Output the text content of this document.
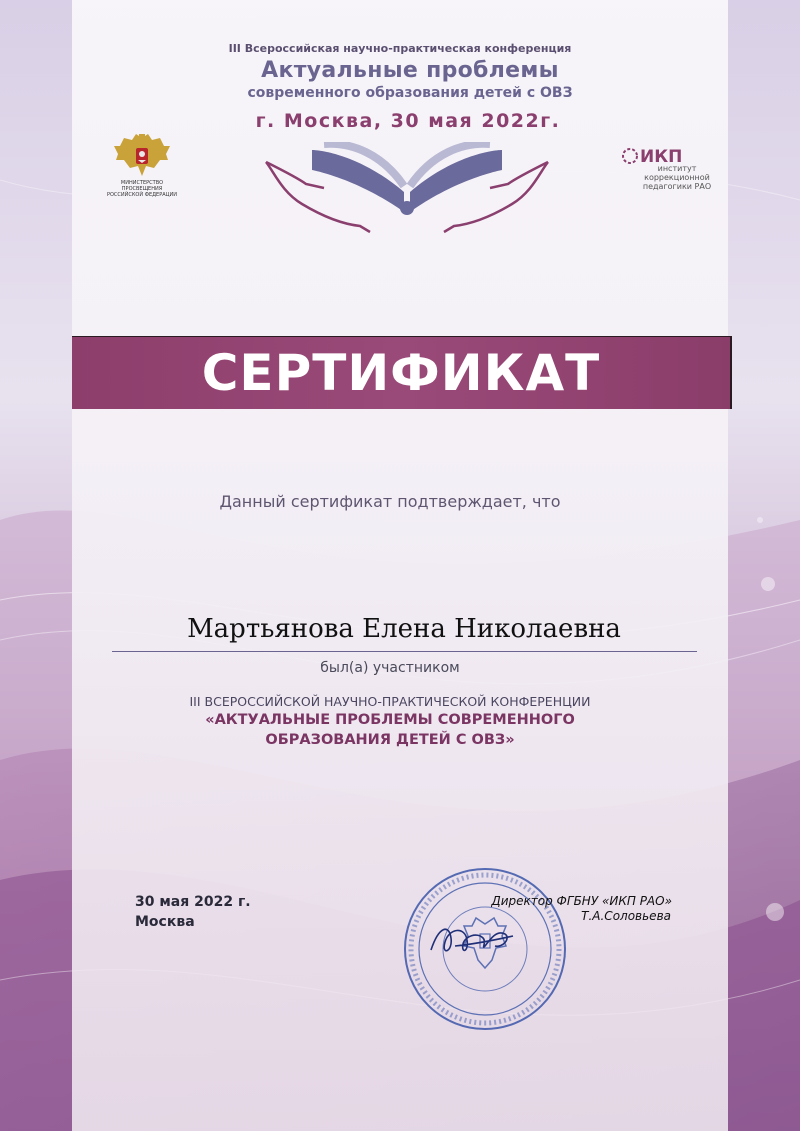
III Всероссийская научно-практическая конференция
Актуальные проблемы
современного образования детей с ОВЗ
г. Москва, 30 мая 2022г.
МИНИСТЕРСТВО ПРОСВЕЩЕНИЯ РОССИЙСКОЙ ФЕДЕРАЦИИ
ИКП
институт коррекционной педагогики РАО
СЕРТИФИКАТ
Данный сертификат подтверждает, что
Мартьянова Елена Николаевна
был(а) участником
III ВСЕРОССИЙСКОЙ НАУЧНО-ПРАКТИЧЕСКОЙ КОНФЕРЕНЦИИ
«АКТУАЛЬНЫЕ ПРОБЛЕМЫ СОВРЕМЕННОГО
ОБРАЗОВАНИЯ ДЕТЕЙ С ОВЗ»
30 мая 2022 г.
Москва
Директор ФГБНУ «ИКП РАО»
Т.А.Соловьева
